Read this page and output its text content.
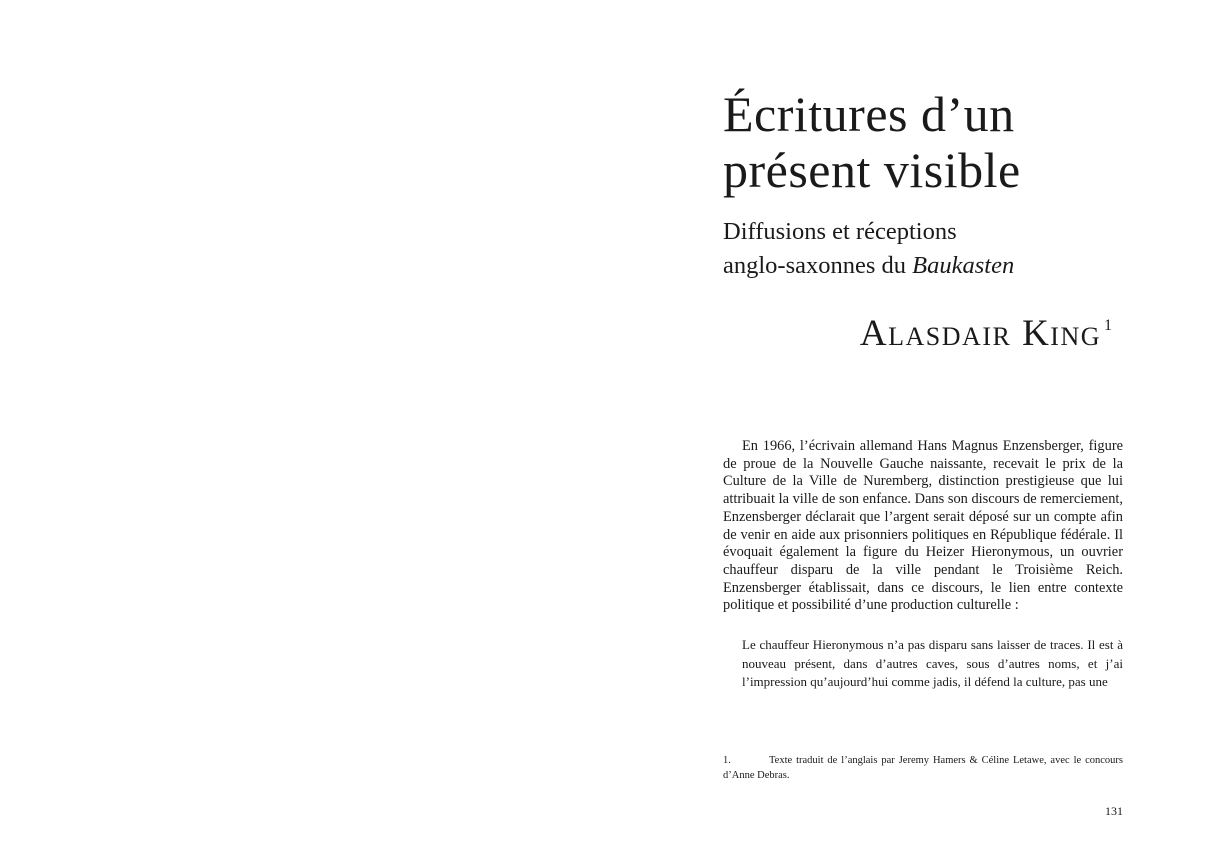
Écritures d’un
présent visible
Diffusions et réceptions
anglo-saxonnes du Baukasten
Alasdair King $^1$

En 1966, l’écrivain allemand Hans Magnus Enzensberger, figure de proue de la Nouvelle Gauche naissante, recevait le prix de la Culture de la Ville de Nuremberg, distinction prestigieuse que lui attribuait la ville de son enfance. Dans son discours de remerciement, Enzensberger déclarait que l’argent serait déposé sur un compte afin de venir en aide aux prisonniers politiques en République fédérale. Il évoquait également la figure du Heizer Hieronymous, un ouvrier chauffeur disparu de la ville pendant le Troisième Reich. Enzensberger établissait, dans ce discours, le lien entre contexte politique et possibilité d’une production culturelle :

Le chauffeur Hieronymous n’a pas disparu sans laisser de traces. Il est à nouveau présent, dans d’autres caves, sous d’autres noms, et j’ai l’impression qu’aujourd’hui comme jadis, il défend la culture, pas une

1.	Texte traduit de l’anglais par Jeremy Hamers & Céline Letawe, avec le concours d’Anne Debras.
131
